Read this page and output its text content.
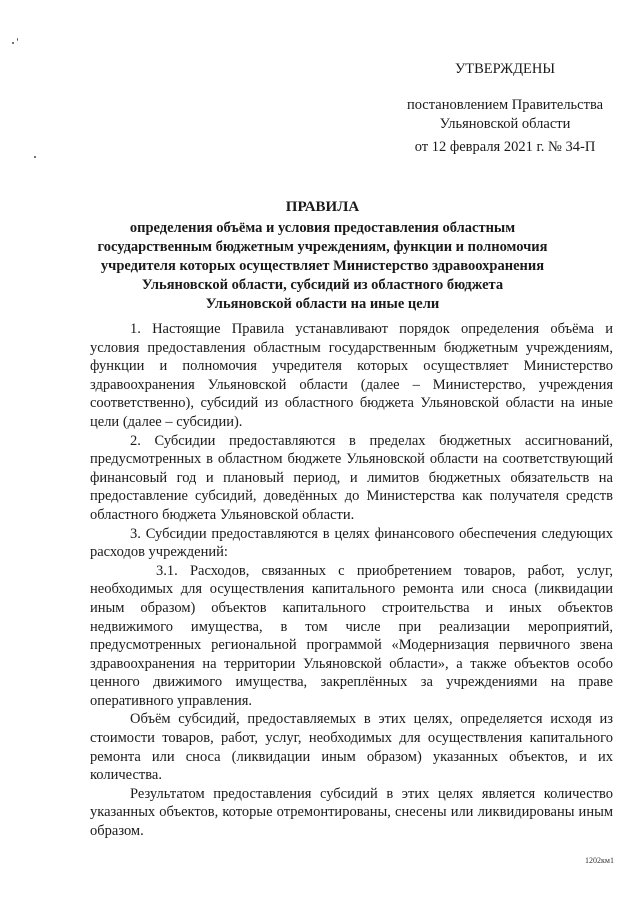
УТВЕРЖДЕНЫ
постановлением Правительства
Ульяновской области
от 12 февраля 2021 г. № 34-П
ПРАВИЛА
определения объёма и условия предоставления областным
государственным бюджетным учреждениям, функции и полномочия
учредителя которых осуществляет Министерство здравоохранения
Ульяновской области, субсидий из областного бюджета
Ульяновской области на иные цели

1. Настоящие Правила устанавливают порядок определения объёма и условия предоставления областным государственным бюджетным учреждениям, функции и полномочия учредителя которых осуществляет Министерство здравоохранения Ульяновской области (далее – Министерство, учреждения соответственно), субсидий из областного бюджета Ульяновской области на иные цели (далее – субсидии).

2. Субсидии предоставляются в пределах бюджетных ассигнований, предусмотренных в областном бюджете Ульяновской области на соответствующий финансовый год и плановый период, и лимитов бюджетных обязательств на предоставление субсидий, доведённых до Министерства как получателя средств областного бюджета Ульяновской области.

3. Субсидии предоставляются в целях финансового обеспечения следующих расходов учреждений:

3.1. Расходов, связанных с приобретением товаров, работ, услуг, необходимых для осуществления капитального ремонта или сноса (ликвидации иным образом) объектов капитального строительства и иных объектов недвижимого имущества, в том числе при реализации мероприятий, предусмотренных региональной программой «Модернизация первичного звена здравоохранения на территории Ульяновской области», а также объектов особо ценного движимого имущества, закреплённых за учреждениями на праве оперативного управления.

Объём субсидий, предоставляемых в этих целях, определяется исходя из стоимости товаров, работ, услуг, необходимых для осуществления капитального ремонта или сноса (ликвидации иным образом) указанных объектов, и их количества.

Результатом предоставления субсидий в этих целях является количество указанных объектов, которые отремонтированы, снесены или ликвидированы иным образом.

1202км1
